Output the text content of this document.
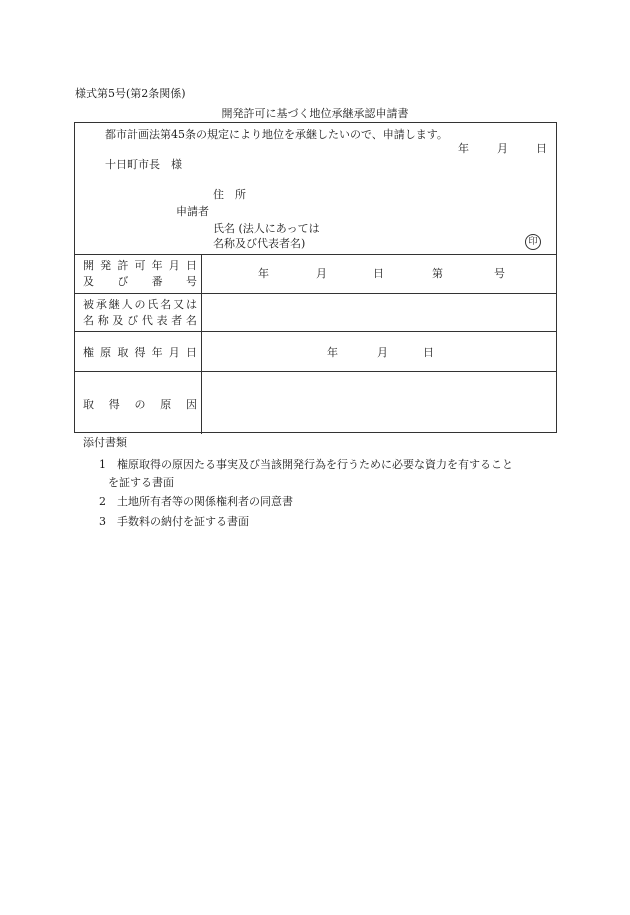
様式第5号(第2条関係)
開発許可に基づく地位承継承認申請書
都市計画法第45条の規定により地位を承継したいので、申請します。
年	月	日
十日町市長　様
住　所
申請者
氏名 (法人にあっては
名称及び代表者名)	印
開 発 許 可 年 月 日
及 び 番 号
年	月	日	第	号
被 承 継 人 の 氏 名 又 は
名 称 及 び 代 表 者 名
権 原 取 得 年 月 日	年	月	日
取 得 の 原 因
添付書類
1　権原取得の原因たる事実及び当該開発行為を行うために必要な資力を有すること
を証する書面
2　土地所有者等の関係権利者の同意書
3　手数料の納付を証する書面
